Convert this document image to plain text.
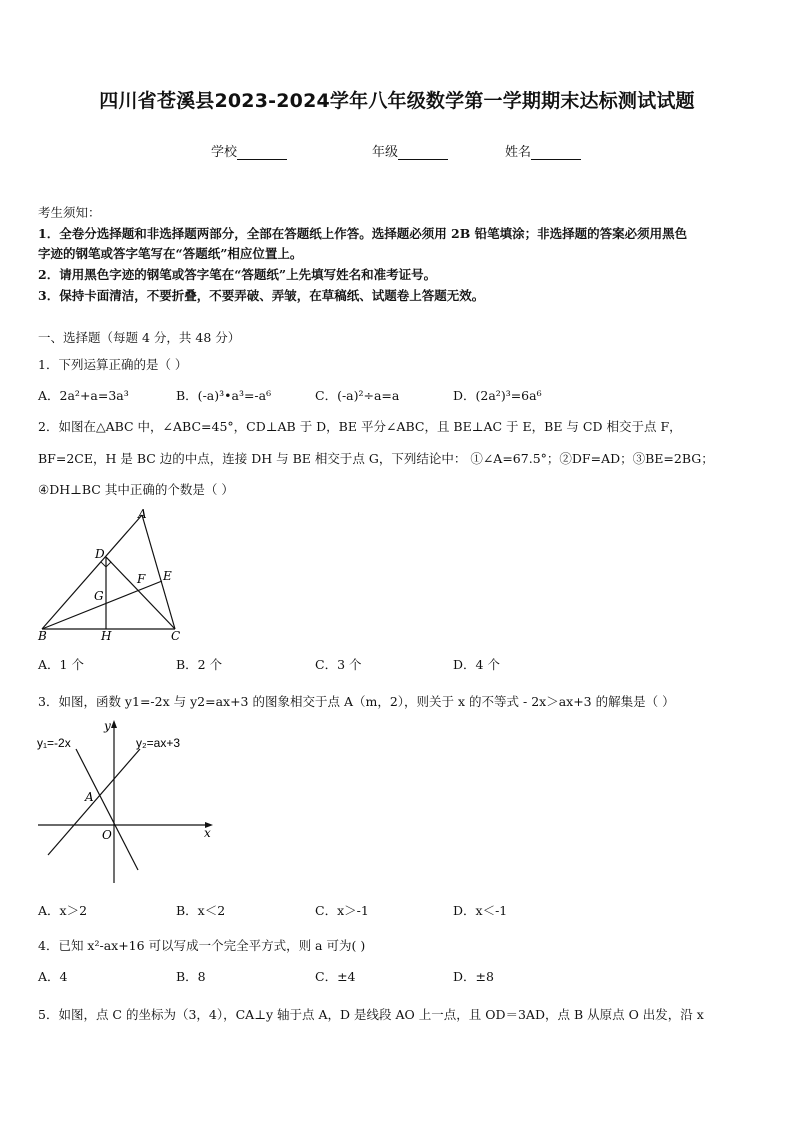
四川省苍溪县2023-2024学年八年级数学第一学期期末达标测试试题
学校	年级	姓名
考生须知：
1．全卷分选择题和非选择题两部分，全部在答题纸上作答。选择题必须用 2B 铅笔填涂；非选择题的答案必须用黑色
字迹的钢笔或答字笔写在“答题纸”相应位置上。
2．请用黑色字迹的钢笔或答字笔在“答题纸”上先填写姓名和准考证号。
3．保持卡面清洁，不要折叠，不要弄破、弄皱，在草稿纸、试题卷上答题无效。
一、选择题（每题 4 分，共 48 分）
1．下列运算正确的是（ ）
A．2a²+a=3a³	B．(-a)³•a³=-a⁶	C．(-a)²÷a=a	D．(2a²)³=6a⁶
2．如图在△ABC 中，∠ABC=45°，CD⊥AB 于 D，BE 平分∠ABC，且 BE⊥AC 于 E，BE 与 CD 相交于点 F，
BF=2CE，H 是 BC 边的中点，连接 DH 与 BE 相交于点 G，下列结论中： ①∠A=67.5°；②DF=AD；③BE=2BG；
④DH⊥BC 其中正确的个数是（ ）
A
B	C
D
E
F
G
H
A．1 个	B．2 个	C．3 个	D．4 个
3．如图，函数 y1=-2x 与 y2=ax+3 的图象相交于点 A（m，2），则关于 x 的不等式 - 2x＞ax+3 的解集是（ ）
y₁=-2x	y₂=ax+3
y
x
O
A
A．x＞2	B．x＜2	C．x＞-1	D．x＜-1
4．已知 x²-ax+16 可以写成一个完全平方式，则 a 可为( )
A．4	B．8	C．±4	D．±8
5．如图，点 C 的坐标为（3，4），CA⊥y 轴于点 A，D 是线段 AO 上一点，且 OD＝3AD，点 B 从原点 O 出发，沿 x
